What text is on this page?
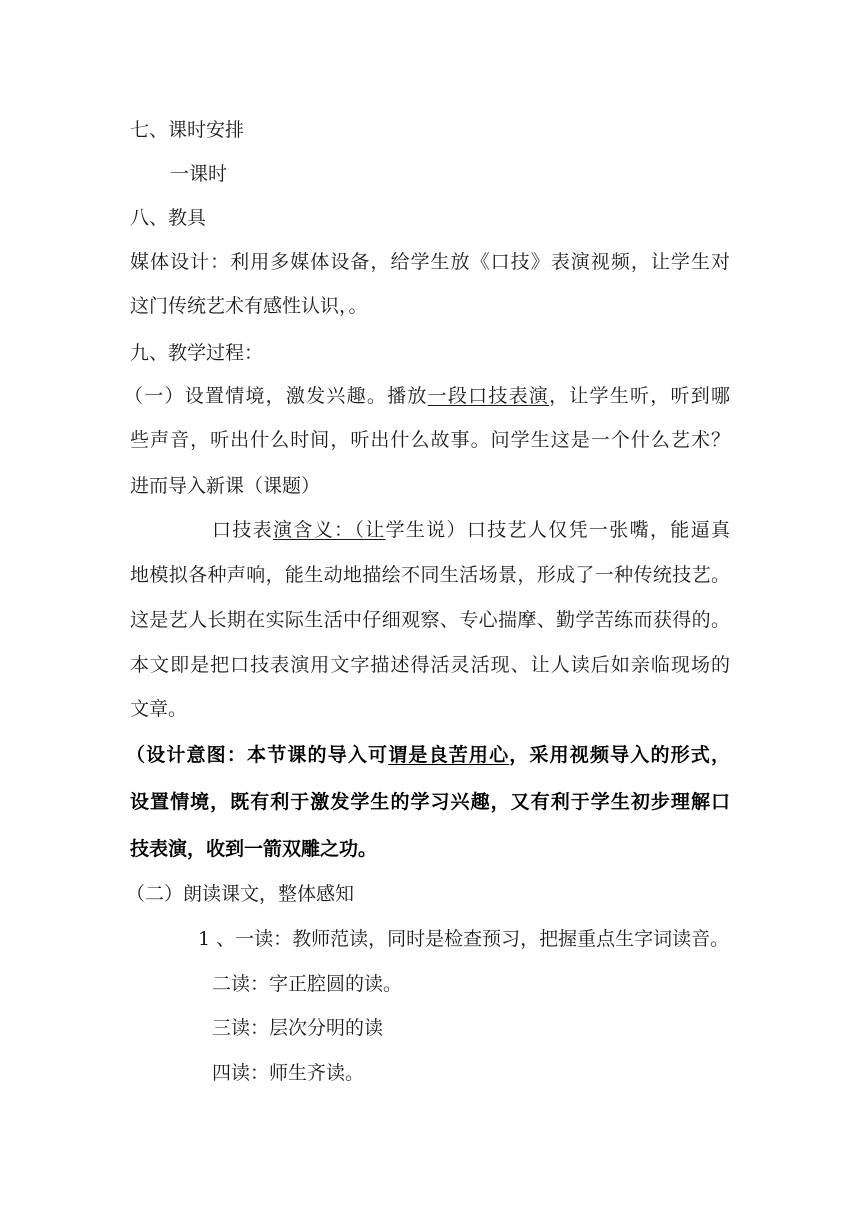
七、课时安排
一课时
八、教具
媒体设计：利用多媒体设备，给学生放《口技》表演视频，让学生对
这门传统艺术有感性认识，。
九、教学过程：
（一）设置情境，激发兴趣。播放一段口技表演，让学生听，听到哪
些声音，听出什么时间，听出什么故事。问学生这是一个什么艺术？
进而导入新课（课题）
口技表演含义：（让学生说）口技艺人仅凭一张嘴，能逼真
地模拟各种声响，能生动地描绘不同生活场景，形成了一种传统技艺。
这是艺人长期在实际生活中仔细观察、专心揣摩、勤学苦练而获得的。
本文即是把口技表演用文字描述得活灵活现、让人读后如亲临现场的
文章。
（设计意图：本节课的导入可谓是良苦用心，采用视频导入的形式，
设置情境，既有利于激发学生的学习兴趣，又有利于学生初步理解口
技表演，收到一箭双雕之功。
（二）朗读课文，整体感知
1 、一读：教师范读，同时是检查预习，把握重点生字词读音。
二读：字正腔圆的读。
三读：层次分明的读
四读：师生齐读。
